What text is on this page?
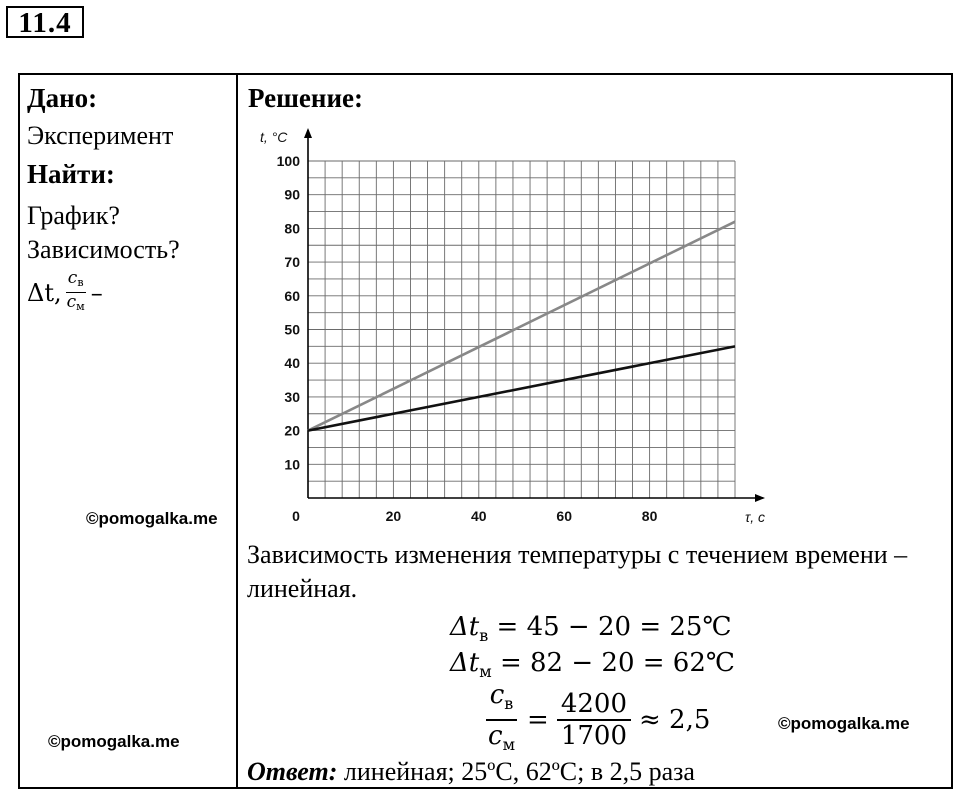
11.4
Дано:
Эксперимент
Найти:
График?
Зависимость?
Δt, $\frac{c_в}{c_м}$ –
Решение:
10
20
30
40
50
60
70
80
90
100
0	20	40	60	80
t, °C
τ, с
Зависимость изменения температуры с течением времени – линейная.
$\Delta t_в = 45 - 20$ = 25℃
$\Delta t_м = 82 - 20$ = 62℃
$\frac{c_в}{c_м} = \frac{4200}{1700} \approx 2,5$
Ответ: линейная; 25ºС, 62ºС; в 2,5 раза
©pomogalka.me
©pomogalka.me
©pomogalka.me
